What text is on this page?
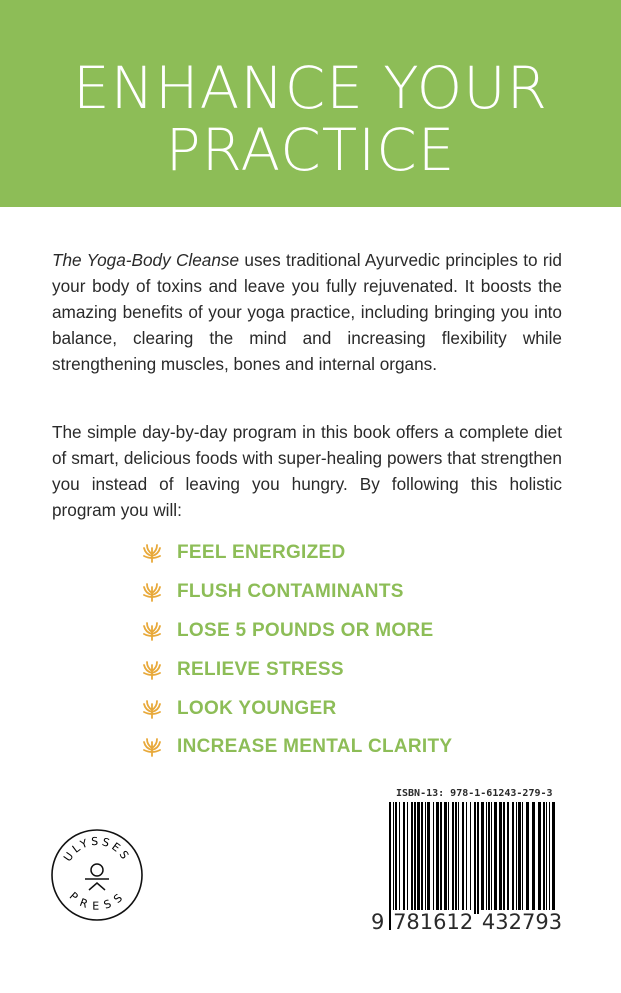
ENHANCE YOUR
PRACTICE

The Yoga-Body Cleanse uses traditional Ayurvedic principles to rid your body of toxins and leave you fully rejuvenated. It boosts the amazing benefits of your yoga practice, including bringing you into balance, clearing the mind and increasing flexibility while strengthening muscles, bones and internal organs.

The simple day-by-day program in this book offers a complete diet of smart, delicious foods with super-healing powers that strengthen you instead of leaving you hungry. By following this holistic program you will:

FEEL ENERGIZED
FLUSH CONTAMINANTS
LOSE 5 POUNDS OR MORE
RELIEVE STRESS
LOOK YOUNGER
INCREASE MENTAL CLARITY
ULYSSES
PRESS
ISBN-13: 978-1-61243-279-3
9 781612 432793
